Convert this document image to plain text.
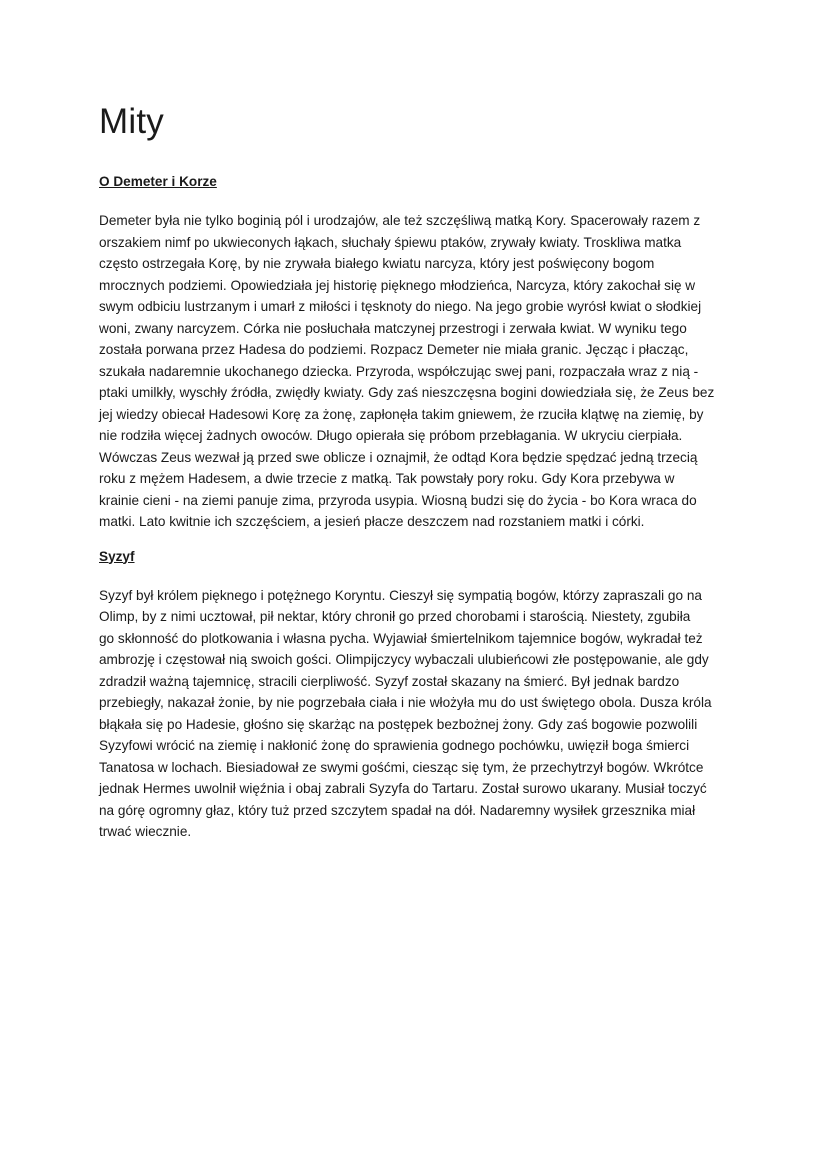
Mity
O Demeter i Korze

Demeter była nie tylko boginią pól i urodzajów, ale też szczęśliwą matką Kory. Spacerowały razem z
orszakiem nimf po ukwieconych łąkach, słuchały śpiewu ptaków, zrywały kwiaty. Troskliwa matka
często ostrzegała Korę, by nie zrywała białego kwiatu narcyza, który jest poświęcony bogom
mrocznych podziemi. Opowiedziała jej historię pięknego młodzieńca, Narcyza, który zakochał się w
swym odbiciu lustrzanym i umarł z miłości i tęsknoty do niego. Na jego grobie wyrósł kwiat o słodkiej
woni, zwany narcyzem. Córka nie posłuchała matczynej przestrogi i zerwała kwiat. W wyniku tego
została porwana przez Hadesa do podziemi. Rozpacz Demeter nie miała granic. Jęcząc i płacząc,
szukała nadaremnie ukochanego dziecka. Przyroda, współczując swej pani, rozpaczała wraz z nią -
ptaki umilkły, wyschły źródła, zwiędły kwiaty. Gdy zaś nieszczęsna bogini dowiedziała się, że Zeus bez
jej wiedzy obiecał Hadesowi Korę za żonę, zapłonęła takim gniewem, że rzuciła klątwę na ziemię, by
nie rodziła więcej żadnych owoców. Długo opierała się próbom przebłagania. W ukryciu cierpiała.
Wówczas Zeus wezwał ją przed swe oblicze i oznajmił, że odtąd Kora będzie spędzać jedną trzecią
roku z mężem Hadesem, a dwie trzecie z matką. Tak powstały pory roku. Gdy Kora przebywa w
krainie cieni - na ziemi panuje zima, przyroda usypia. Wiosną budzi się do życia - bo Kora wraca do
matki. Lato kwitnie ich szczęściem, a jesień płacze deszczem nad rozstaniem matki i córki.

Syzyf

Syzyf był królem pięknego i potężnego Koryntu. Cieszył się sympatią bogów, którzy zapraszali go na
Olimp, by z nimi ucztował, pił nektar, który chronił go przed chorobami i starością. Niestety, zgubiła
go skłonność do plotkowania i własna pycha. Wyjawiał śmiertelnikom tajemnice bogów, wykradał też
ambrozję i częstował nią swoich gości. Olimpijczycy wybaczali ulubieńcowi złe postępowanie, ale gdy
zdradził ważną tajemnicę, stracili cierpliwość. Syzyf został skazany na śmierć. Był jednak bardzo
przebiegły, nakazał żonie, by nie pogrzebała ciała i nie włożyła mu do ust świętego obola. Dusza króla
błąkała się po Hadesie, głośno się skarżąc na postępek bezbożnej żony. Gdy zaś bogowie pozwolili
Syzyfowi wrócić na ziemię i nakłonić żonę do sprawienia godnego pochówku, uwięził boga śmierci
Tanatosa w lochach. Biesiadował ze swymi gośćmi, ciesząc się tym, że przechytrzył bogów. Wkrótce
jednak Hermes uwolnił więźnia i obaj zabrali Syzyfa do Tartaru. Został surowo ukarany. Musiał toczyć
na górę ogromny głaz, który tuż przed szczytem spadał na dół. Nadaremny wysiłek grzesznika miał
trwać wiecznie.
